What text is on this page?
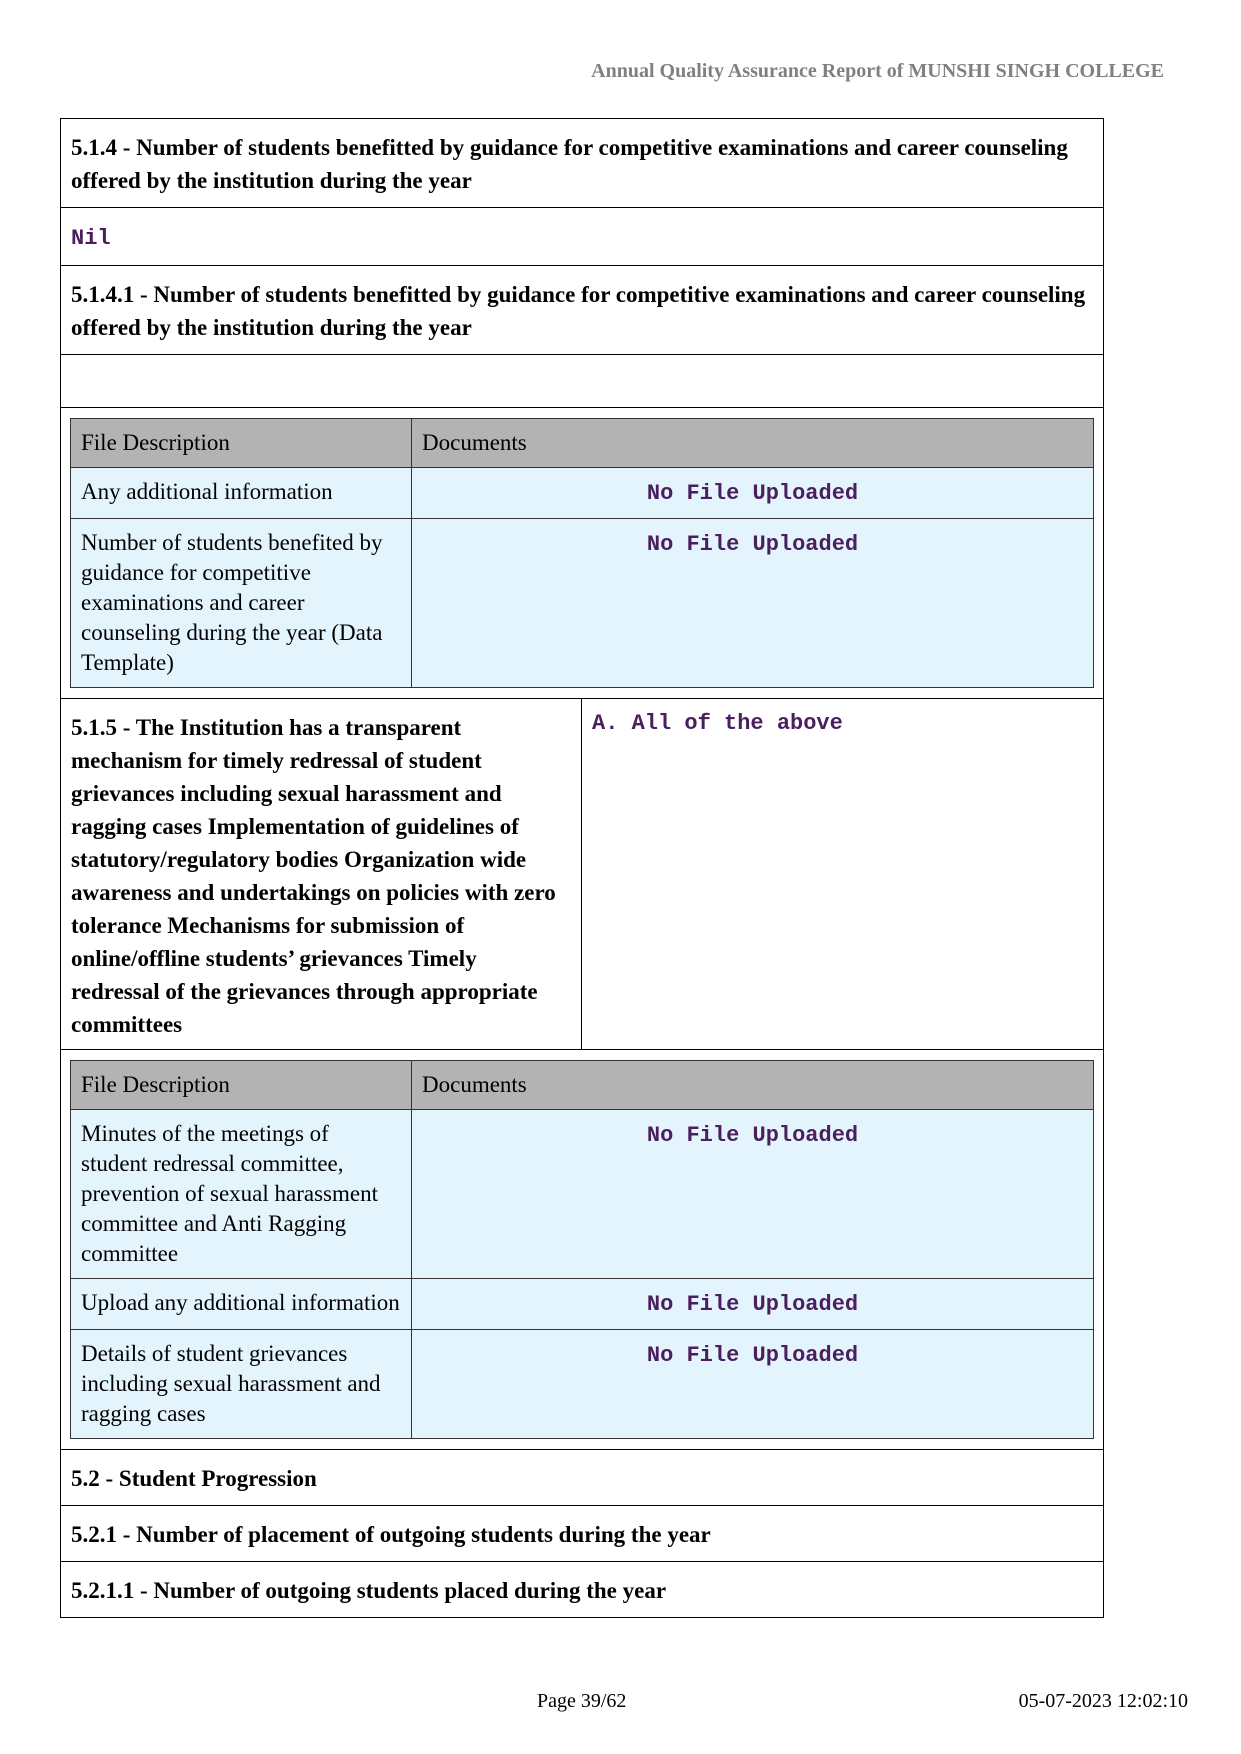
Annual Quality Assurance Report of MUNSHI SINGH COLLEGE
5.1.4 - Number of students benefitted by guidance for competitive examinations and career counseling offered by the institution during the year
Nil
5.1.4.1 - Number of students benefitted by guidance for competitive examinations and career counseling offered by the institution during the year
File Description	Documents
Any additional information	No File Uploaded
Number of students benefited by guidance for competitive examinations and career counseling during the year (Data Template)	No File Uploaded
5.1.5 - The Institution has a transparent mechanism for timely redressal of student grievances including sexual harassment and ragging cases Implementation of guidelines of statutory/regulatory bodies Organization wide awareness and undertakings on policies with zero tolerance Mechanisms for submission of online/offline students’ grievances Timely redressal of the grievances through appropriate committees
A. All of the above
File Description	Documents
Minutes of the meetings of student redressal committee, prevention of sexual harassment committee and Anti Ragging committee	No File Uploaded
Upload any additional information	No File Uploaded
Details of student grievances including sexual harassment and ragging cases	No File Uploaded
5.2 - Student Progression
5.2.1 - Number of placement of outgoing students during the year
5.2.1.1 - Number of outgoing students placed during the year
Page 39/62	05-07-2023 12:02:10
